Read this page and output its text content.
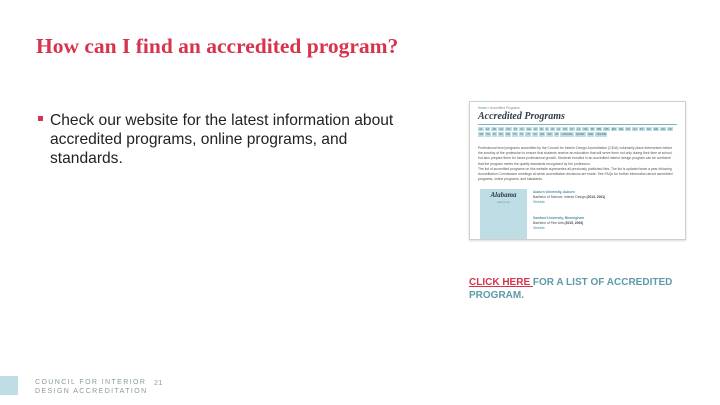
How can I find an accredited program?
Check our website for the latest information about accredited programs, online programs, and standards.
Home » Accredited Programs
Accredited Programs
AL	AZ	AR	CA	CO	CT	FL	GA	HI	ID	IL	IN	IA	KS	KY	LA	MA	MI	MN	MS	MO	NE	NV	NJ	NY	NC	ND	OH	OK
OR	PA	RI	SC	SD	TN	TX	UT	VA	WA	WV	WI	CANADA	QATAR	UAE	ONLINE
Professional level programs accredited by the Council for Interior Design Accreditation (CIDA) voluntarily place themselves before the scrutiny of the profession to ensure that students receive an education that will serve them not only during their time at school, but also prepare them for future professional growth. Students enrolled in an accredited interior design program can be confident that the program meets the quality standards recognized by the profession.
The list of accredited programs on this website supersedes all previously published lists. The list is updated twice a year following Accreditation Commission meetings at which accreditation decisions are made. See FAQs for further information about accredited programs, online programs, and standards.
Alabama
back to top
Auburn University, Auburn
Bachelor of Science, Interior Design (2013, 2001)
Website
Samford University, Birmingham
Bachelor of Fine Arts (2015, 2003)
Website
CLICK HERE FOR A LIST OF ACCREDITED PROGRAM.
COUNCIL FOR INTERIOR
DESIGN ACCREDITATION
21
